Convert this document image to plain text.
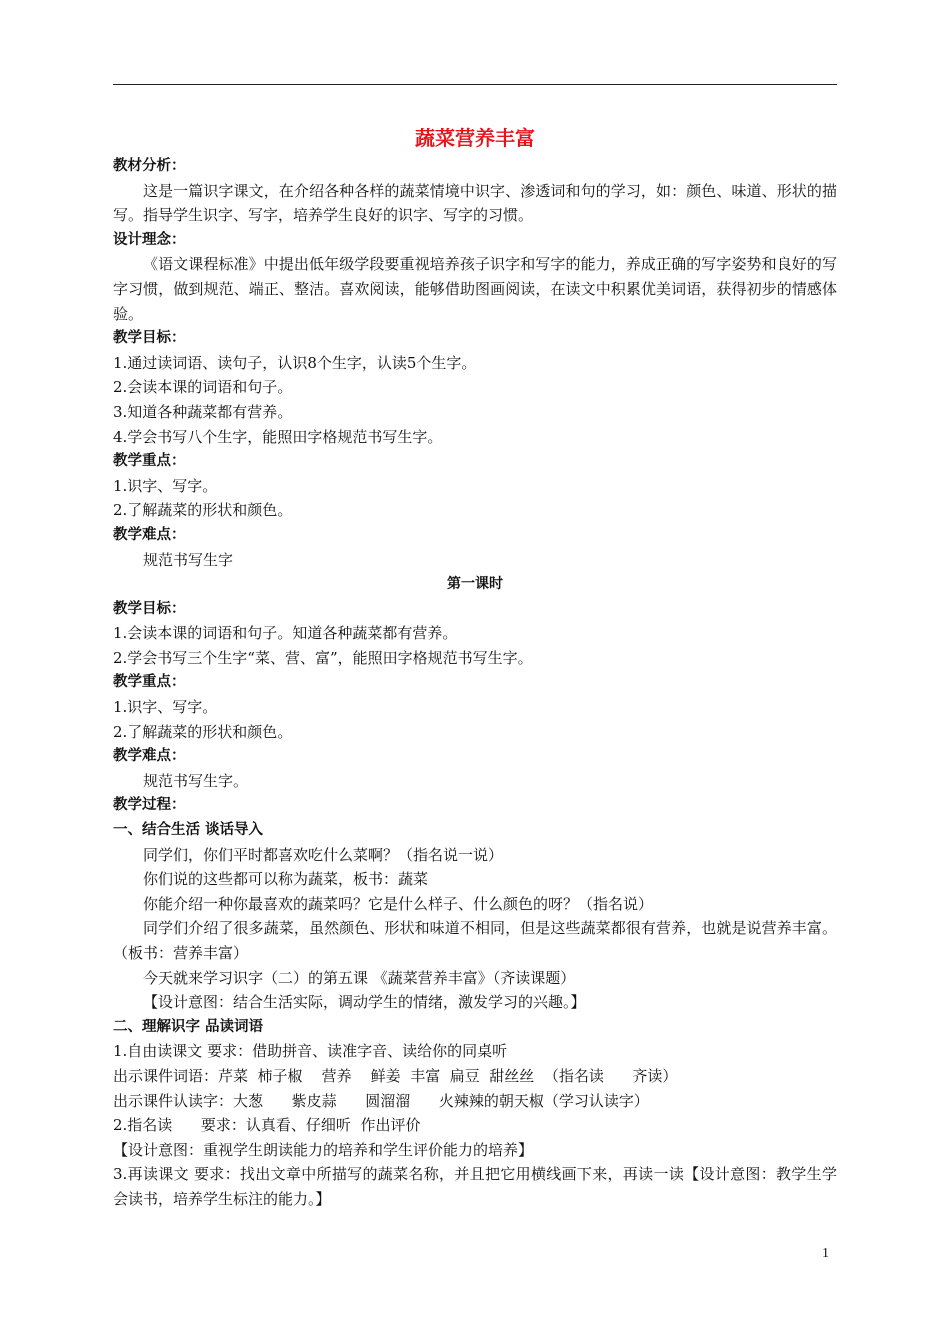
蔬菜营养丰富
教材分析：
这是一篇识字课文，在介绍各种各样的蔬菜情境中识字、渗透词和句的学习，如：颜色、味道、形状的描写。指导学生识字、写字，培养学生良好的识字、写字的习惯。
设计理念：
《语文课程标准》中提出低年级学段要重视培养孩子识字和写字的能力，养成正确的写字姿势和良好的写字习惯，做到规范、端正、整洁。喜欢阅读，能够借助图画阅读，在读文中积累优美词语，获得初步的情感体验。
教学目标：
1.通过读词语、读句子，认识8个生字，认读5个生字。
2.会读本课的词语和句子。
3.知道各种蔬菜都有营养。
4.学会书写八个生字，能照田字格规范书写生字。
教学重点：
1.识字、写字。
2.了解蔬菜的形状和颜色。
教学难点：
规范书写生字
第一课时
教学目标：
1.会读本课的词语和句子。知道各种蔬菜都有营养。
2.学会书写三个生字“菜、营、富”，能照田字格规范书写生字。
教学重点：
1.识字、写字。
2.了解蔬菜的形状和颜色。
教学难点：
规范书写生字。
教学过程：
一、结合生活 谈话导入
同学们，你们平时都喜欢吃什么菜啊？（指名说一说）
你们说的这些都可以称为蔬菜，板书：蔬菜
你能介绍一种你最喜欢的蔬菜吗？它是什么样子、什么颜色的呀？（指名说）
同学们介绍了很多蔬菜，虽然颜色、形状和味道不相同，但是这些蔬菜都很有营养，也就是说营养丰富。（板书：营养丰富）
今天就来学习识字（二）的第五课 《蔬菜营养丰富》（齐读课题）
【设计意图：结合生活实际，调动学生的情绪，激发学习的兴趣。】
二、理解识字 品读词语
1.自由读课文 要求：借助拼音、读准字音、读给你的同桌听
出示课件词语：芹菜  柿子椒    营养    鲜姜  丰富  扁豆  甜丝丝  （指名读      齐读）
出示课件认读字：大葱      紫皮蒜      圆溜溜      火辣辣的朝天椒（学习认读字）
2.指名读      要求：认真看、仔细听  作出评价
【设计意图：重视学生朗读能力的培养和学生评价能力的培养】
3.再读课文 要求：找出文章中所描写的蔬菜名称，并且把它用横线画下来，再读一读【设计意图：教学生学会读书，培养学生标注的能力。】
1
